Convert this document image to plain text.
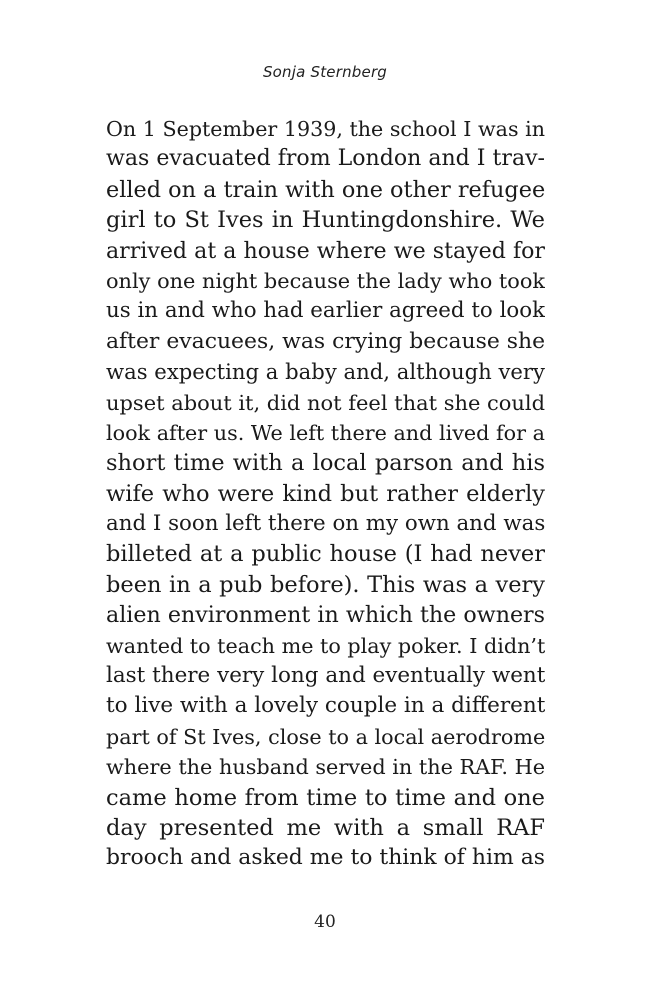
Sonja Sternberg
On 1 September 1939, the school I was in
was evacuated from London and I trav-
elled on a train with one other refugee
girl to St Ives in Huntingdonshire. We
arrived at a house where we stayed for
only one night because the lady who took
us in and who had earlier agreed to look
after evacuees, was crying because she
was expecting a baby and, although very
upset about it, did not feel that she could
look after us. We left there and lived for a
short time with a local parson and his
wife who were kind but rather elderly
and I soon left there on my own and was
billeted at a public house (I had never
been in a pub before). This was a very
alien environment in which the owners
wanted to teach me to play poker. I didn’t
last there very long and eventually went
to live with a lovely couple in a different
part of St Ives, close to a local aerodrome
where the husband served in the RAF. He
came home from time to time and one
day presented me with a small RAF
brooch and asked me to think of him as
40
